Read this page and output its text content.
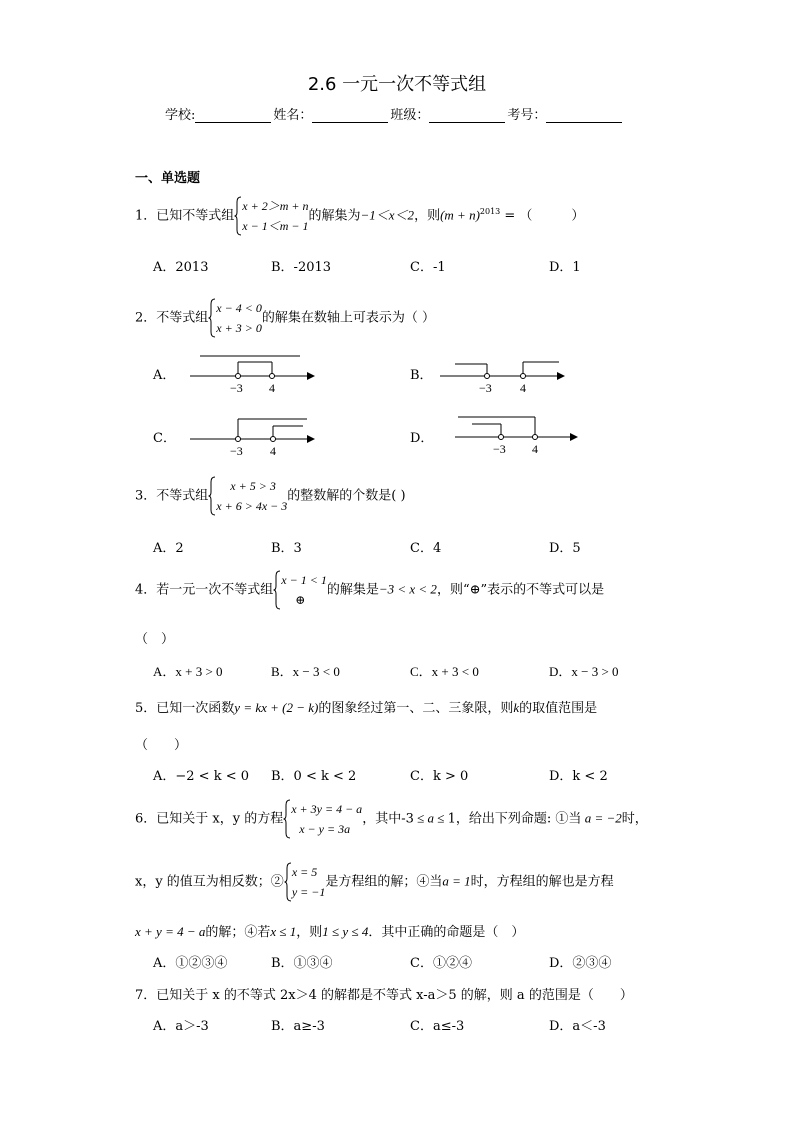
2.6 一元一次不等式组
学校:	姓名：	班级：	考号：
一、单选题
1．已知不等式组
x + 2＞m + n
x − 1＜m − 1
的解集为−1＜x＜2，则$(m + n)^{2013}$ = （　　　）
A．2013	B．-2013	C．-1	D．1
2．不等式组
x − 4 < 0
x + 3 > 0
的解集在数轴上可表示为（ ）
A．
−3 4
B．
−3 4
C．
−3 4
D．
−3 4
3．不等式组
x + 5 > 3
x + 6 > 4x − 3
的整数解的个数是( )
A．2	B．3	C．4	D．5
4．若一元一次不等式组
x − 1 < 1
⊕
的解集是−3 < x < 2，则“⊕”表示的不等式可以是
（　）
A．x + 3 > 0	B．x − 3 < 0	C．x + 3 < 0	D．x − 3 > 0
5．已知一次函数y = kx + (2 − k)的图象经过第一、二、三象限，则k的取值范围是
（　　）
A．−2 < k < 0 B．0 < k < 2	C．k > 0	D．k < 2
6．已知关于 x，y 的方程
x + 3y = 4 − a
x − y = 3a
，其中-3 ≤ a ≤ 1，给出下列命题: ①当 a = −2时，
x，y 的值互为相反数；②
x = 5
y = −1
是方程组的解；④当a = 1时，方程组的解也是方程
x + y = 4 − a的解；④若x ≤ 1，则1 ≤ y ≤ 4．其中正确的命题是（　）
A．①②③④	B．①③④	C．①②④	D．②③④
7．已知关于 x 的不等式 2x＞4 的解都是不等式 x-a＞5 的解，则 a 的范围是（　　）
A．a＞-3	B．a≥-3	C．a≤-3	D．a＜-3
